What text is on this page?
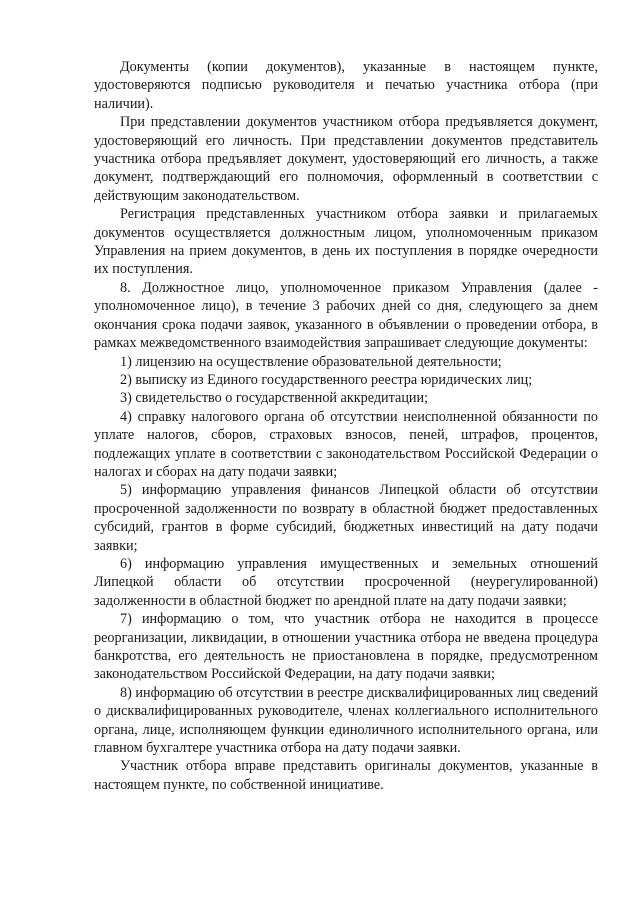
Документы (копии документов), указанные в настоящем пункте, удостоверяются подписью руководителя и печатью участника отбора (при наличии).

При представлении документов участником отбора предъявляется документ, удостоверяющий его личность. При представлении документов представитель участника отбора предъявляет документ, удостоверяющий его личность, а также документ, подтверждающий его полномочия, оформленный в соответствии с действующим законодательством.

Регистрация представленных участником отбора заявки и прилагаемых документов осуществляется должностным лицом, уполномоченным приказом Управления на прием документов, в день их поступления в порядке очередности их поступления.

8. Должностное лицо, уполномоченное приказом Управления (далее - уполномоченное лицо), в течение 3 рабочих дней со дня, следующего за днем окончания срока подачи заявок, указанного в объявлении о проведении отбора, в рамках межведомственного взаимодействия запрашивает следующие документы:

1) лицензию на осуществление образовательной деятельности;

2) выписку из Единого государственного реестра юридических лиц;

3) свидетельство о государственной аккредитации;

4) справку налогового органа об отсутствии неисполненной обязанности по уплате налогов, сборов, страховых взносов, пеней, штрафов, процентов, подлежащих уплате в соответствии с законодательством Российской Федерации о налогах и сборах на дату подачи заявки;

5) информацию управления финансов Липецкой области об отсутствии просроченной задолженности по возврату в областной бюджет предоставленных субсидий, грантов в форме субсидий, бюджетных инвестиций на дату подачи заявки;

6) информацию управления имущественных и земельных отношений Липецкой области об отсутствии просроченной (неурегулированной) задолженности в областной бюджет по арендной плате на дату подачи заявки;

7) информацию о том, что участник отбора не находится в процессе реорганизации, ликвидации, в отношении участника отбора не введена процедура банкротства, его деятельность не приостановлена в порядке, предусмотренном законодательством Российской Федерации, на дату подачи заявки;

8) информацию об отсутствии в реестре дисквалифицированных лиц сведений о дисквалифицированных руководителе, членах коллегиального исполнительного органа, лице, исполняющем функции единоличного исполнительного органа, или главном бухгалтере участника отбора на дату подачи заявки.

Участник отбора вправе представить оригиналы документов, указанные в настоящем пункте, по собственной инициативе.
